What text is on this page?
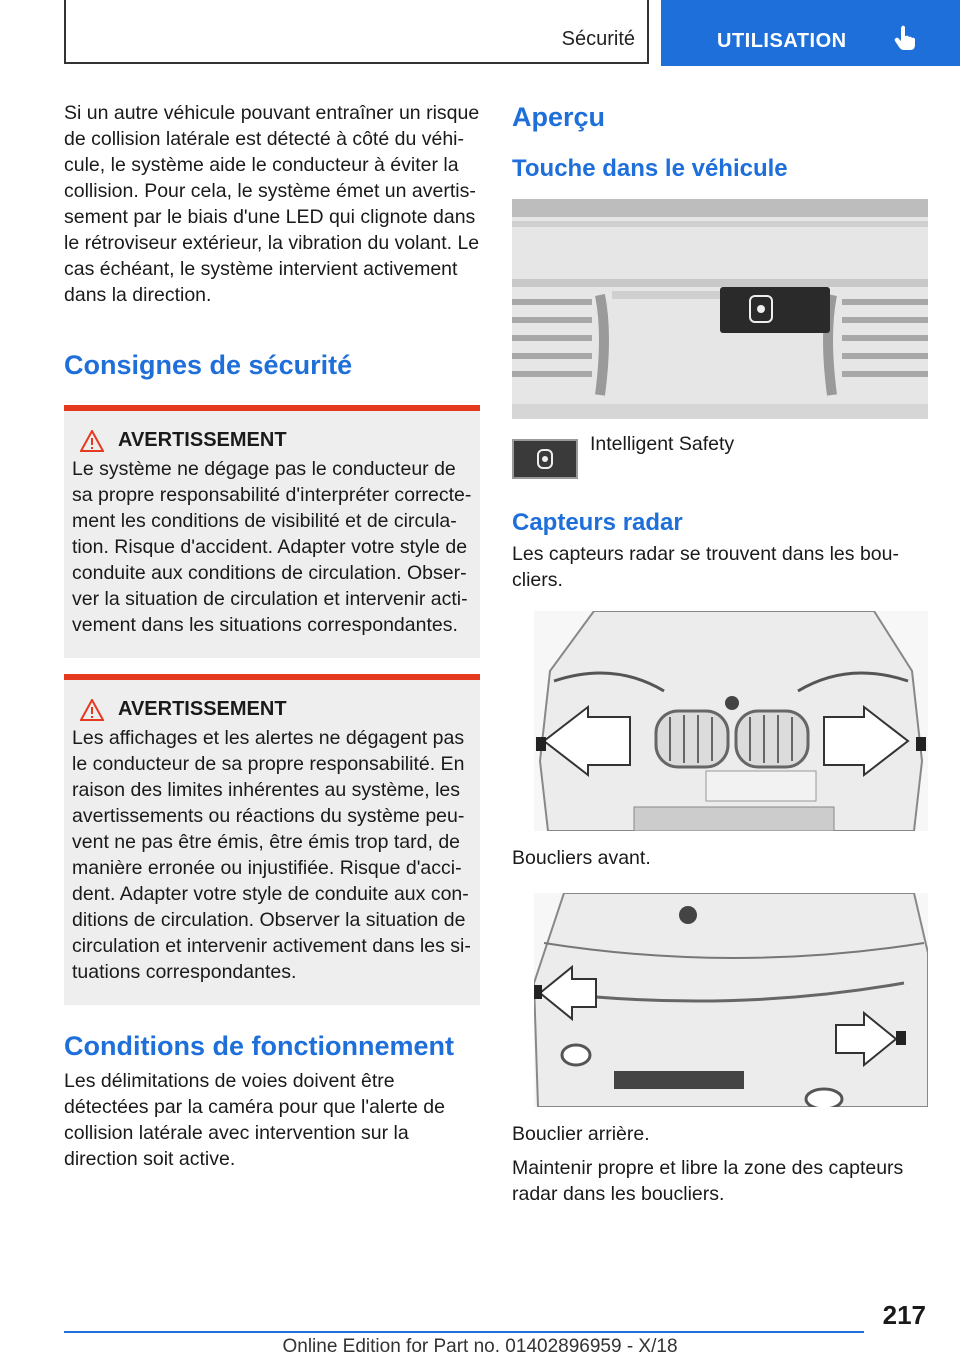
Sécurité	UTILISATION

Si un autre véhicule pouvant entraîner un risque de collision latérale est détecté à côté du véhicule, le système aide le conducteur à éviter la collision. Pour cela, le système émet un avertissement par le biais d'une LED qui clignote dans le rétroviseur extérieur, la vibration du volant. Le cas échéant, le système intervient activement dans la direction.

Consignes de sécurité
AVERTISSEMENT

Le système ne dégage pas le conducteur de sa propre responsabilité d'interpréter correctement les conditions de visibilité et de circulation. Risque d'accident. Adapter votre style de conduite aux conditions de circulation. Observer la situation de circulation et intervenir activement dans les situations correspondantes.

AVERTISSEMENT

Les affichages et les alertes ne dégagent pas le conducteur de sa propre responsabilité. En raison des limites inhérentes au système, les avertissements ou réactions du système peuvent ne pas être émis, être émis trop tard, de manière erronée ou injustifiée. Risque d'accident. Adapter votre style de conduite aux conditions de circulation. Observer la situation de circulation et intervenir activement dans les situations correspondantes.

Conditions de fonctionnement

Les délimitations de voies doivent être détectées par la caméra pour que l'alerte de collision latérale avec intervention sur la direction soit active.

Aperçu
Touche dans le véhicule

Intelligent Safety

Capteurs radar

Les capteurs radar se trouvent dans les boucliers.

Boucliers avant.

Bouclier arrière.

Maintenir propre et libre la zone des capteurs radar dans les boucliers.

217
Online Edition for Part no. 01402896959 - X/18
